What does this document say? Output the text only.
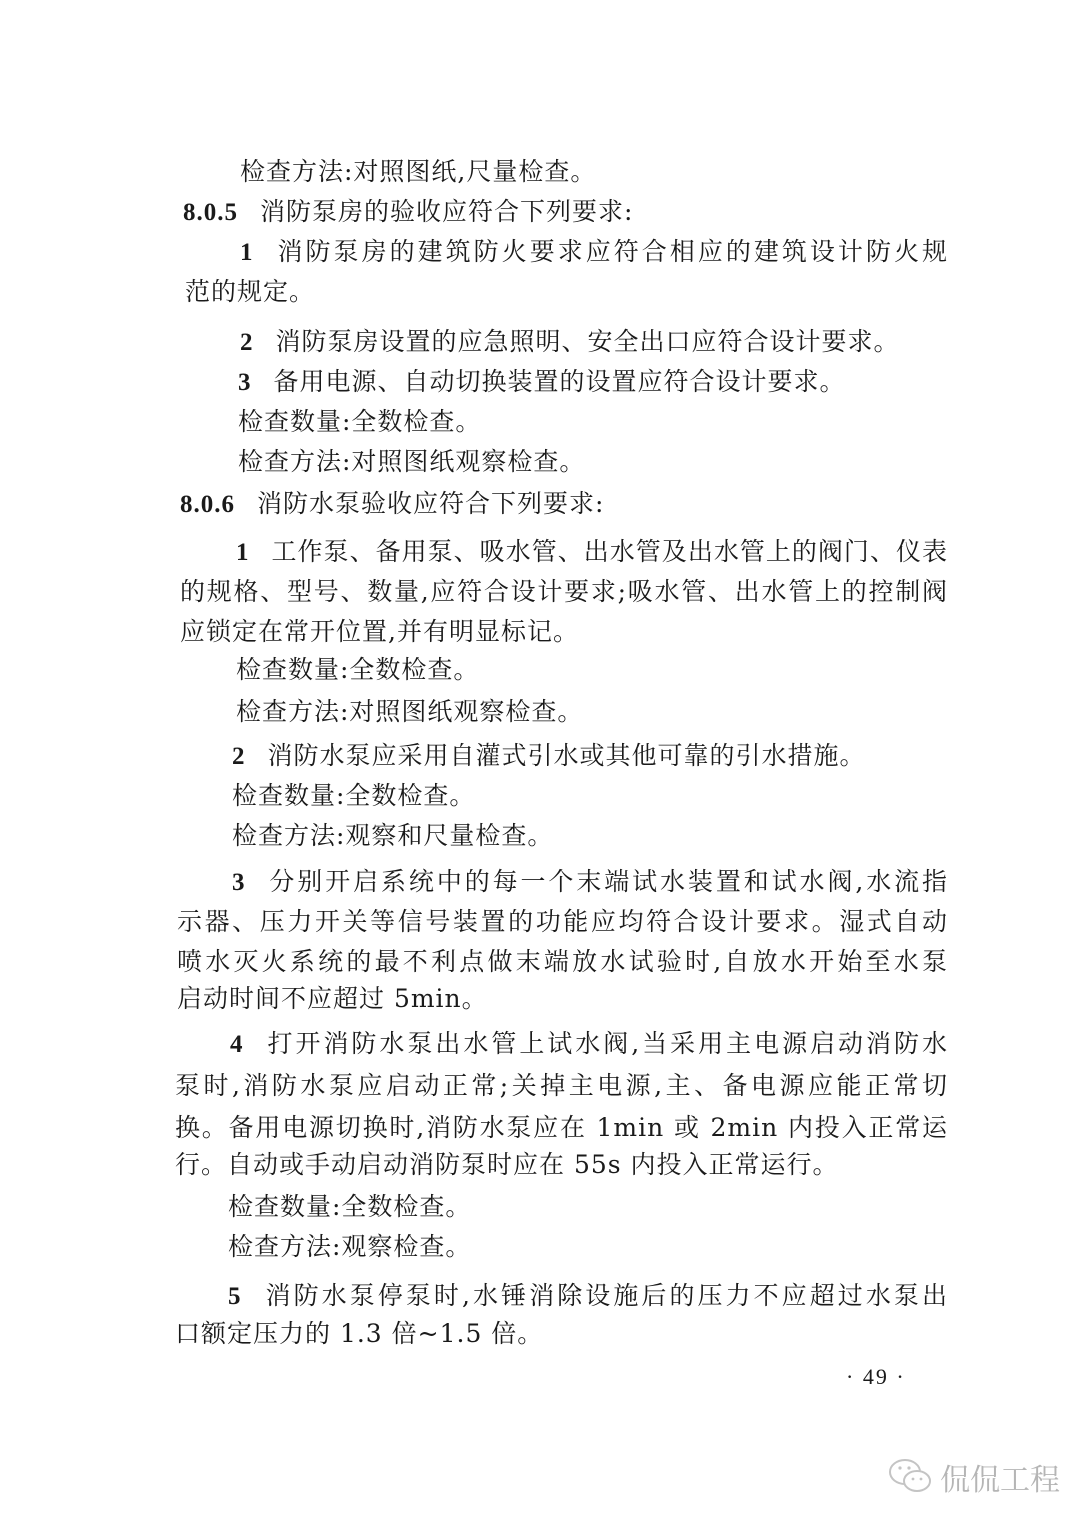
检查方法:对照图纸,尺量检查。
8.0.5 消防泵房的验收应符合下列要求:
1 消防泵房的建筑防火要求应符合相应的建筑设计防火规
范的规定。
2 消防泵房设置的应急照明、安全出口应符合设计要求。
3 备用电源、自动切换装置的设置应符合设计要求。
检查数量:全数检查。
检查方法:对照图纸观察检查。
8.0.6 消防水泵验收应符合下列要求:
1 工作泵、备用泵、吸水管、出水管及出水管上的阀门、仪表
的规格、型号、数量,应符合设计要求;吸水管、出水管上的控制阀
应锁定在常开位置,并有明显标记。
检查数量:全数检查。
检查方法:对照图纸观察检查。
2 消防水泵应采用自灌式引水或其他可靠的引水措施。
检查数量:全数检查。
检查方法:观察和尺量检查。
3 分别开启系统中的每一个末端试水装置和试水阀,水流指
示器、压力开关等信号装置的功能应均符合设计要求。湿式自动
喷水灭火系统的最不利点做末端放水试验时,自放水开始至水泵
启动时间不应超过 5min。
4 打开消防水泵出水管上试水阀,当采用主电源启动消防水
泵时,消防水泵应启动正常;关掉主电源,主、备电源应能正常切
换。备用电源切换时,消防水泵应在 1min 或 2min 内投入正常运
行。自动或手动启动消防泵时应在 55s 内投入正常运行。
检查数量:全数检查。
检查方法:观察检查。
5 消防水泵停泵时,水锤消除设施后的压力不应超过水泵出
口额定压力的 1.3 倍~1.5 倍。
· 49 ·
侃侃工程
